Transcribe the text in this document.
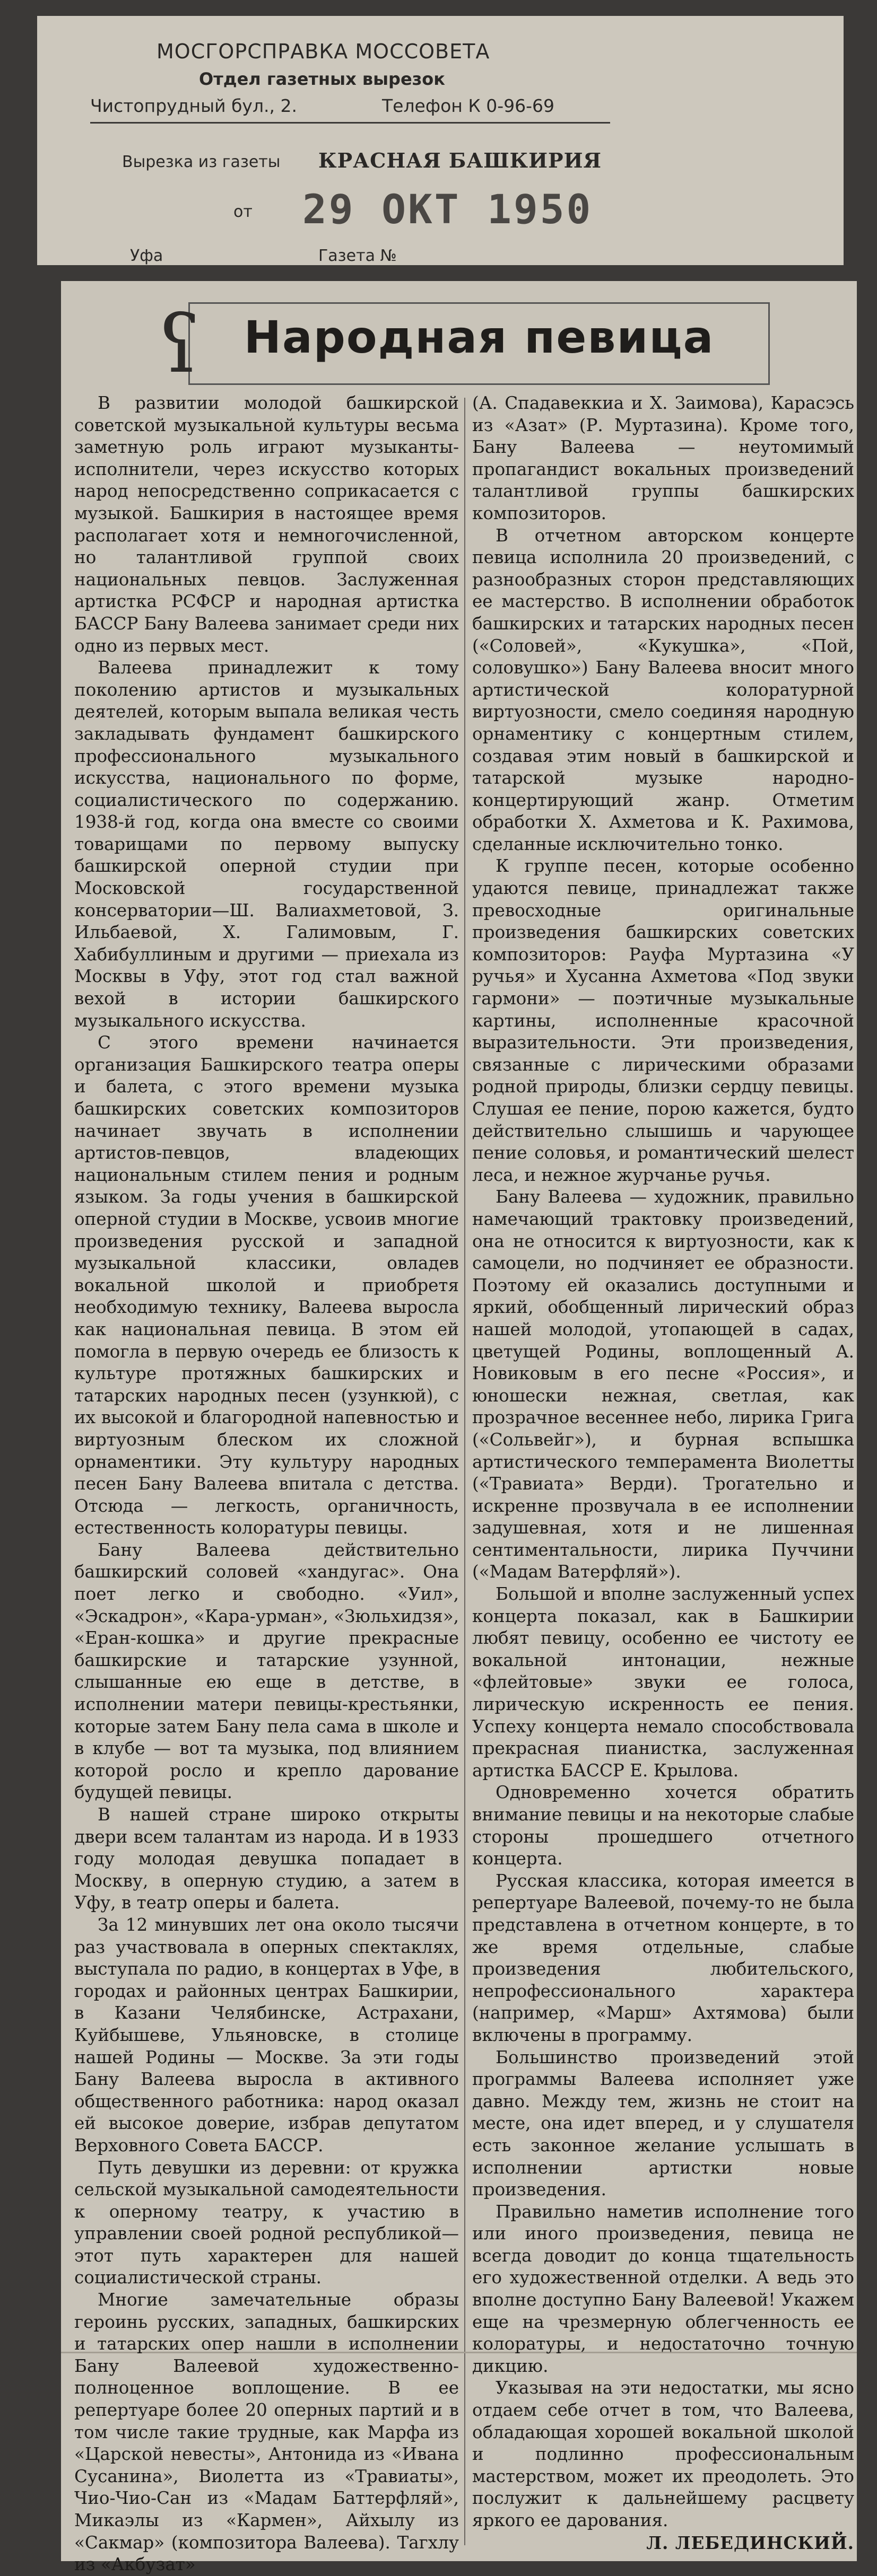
МОСГОРСПРАВКА МОССОВЕТА
Отдел газетных вырезок
Чистопрудный бул., 2.	Телефон К 0-96-69
Вырезка из газеты КРАСНАЯ БАШКИРИЯ
от 29 ОКТ 1950
Уфа	Газета №
ʕ Народная певица

В развитии молодой башкирской советской музыкальной культуры весьма заметную роль играют музыканты-исполнители, через искусство которых народ непосредственно соприкасается с музыкой. Башкирия в настоящее время располагает хотя и немногочисленной, но талантливой группой своих национальных певцов. Заслуженная артистка РСФСР и народная артистка БАССР Бану Валеева занимает среди них одно из первых мест.

Валеева принадлежит к тому поколению артистов и музыкальных деятелей, которым выпала великая честь закладывать фундамент башкирского профессионального музыкального искусства, национального по форме, социалистического по содержанию. 1938-й год, когда она вместе со своими товарищами по первому выпуску башкирской оперной студии при Московской государственной консерватории—Ш. Валиахметовой, З. Ильбаевой, Х. Галимовым, Г. Хабибуллиным и другими — приехала из Москвы в Уфу, этот год стал важной вехой в истории башкирского музыкального искусства.

С этого времени начинается организация Башкирского театра оперы и балета, с этого времени музыка башкирских советских композиторов начинает звучать в исполнении артистов-певцов, владеющих национальным стилем пения и родным языком. За годы учения в башкирской оперной студии в Москве, усвоив многие произведения русской и западной музыкальной классики, овладев вокальной школой и приобретя необходимую технику, Валеева выросла как национальная певица. В этом ей помогла в первую очередь ее близость к культуре протяжных башкирских и татарских народных песен (узункюй), с их высокой и благородной напевностью и виртуозным блеском их сложной орнаментики. Эту культуру народных песен Бану Валеева впитала с детства. Отсюда — легкость, органичность, естественность колоратуры певицы.

Бану Валеева действительно башкирский соловей «хандугас». Она поет легко и свободно. «Уил», «Эскадрон», «Кара-урман», «Зюльхидзя», «Еран-кошка» и другие прекрасные башкирские и татарские узунной, слышанные ею еще в детстве, в исполнении матери певицы-крестьянки, которые затем Бану пела сама в школе и в клубе — вот та музыка, под влиянием которой росло и крепло дарование будущей певицы.

В нашей стране широко открыты двери всем талантам из народа. И в 1933 году молодая девушка попадает в Москву, в оперную студию, а затем в Уфу, в театр оперы и балета.

За 12 минувших лет она около тысячи раз участвовала в оперных спектаклях, выступала по радио, в концертах в Уфе, в городах и районных центрах Башкирии, в Казани Челябинске, Астрахани, Куйбышеве, Ульяновске, в столице нашей Родины — Москве. За эти годы Бану Валеева выросла в активного общественного работника: народ оказал ей высокое доверие, избрав депутатом Верховного Совета БАССР.

Путь девушки из деревни: от кружка сельской музыкальной самодеятельности к оперному театру, к участию в управлении своей родной республикой—этот путь характерен для нашей социалистической страны.

Многие замечательные образы героинь русских, западных, башкирских и татарских опер нашли в исполнении Бану Валеевой художественно-полноценное воплощение. В ее репертуаре более 20 оперных партий и в том числе такие трудные, как Марфа из «Царской невесты», Антонида из «Ивана Сусанина», Виолетта из «Травиаты», Чио-Чио-Сан из «Мадам Баттерфляй», Микаэлы из «Кармен», Айхылу из «Сакмар» (композитора Валеева). Тагхлу из «Акбузат»

(А. Спадавеккиа и Х. Заимова), Карасэсь из «Азат» (Р. Муртазина). Кроме того, Бану Валеева — неутомимый пропагандист вокальных произведений талантливой группы башкирских композиторов.

В отчетном авторском концерте певица исполнила 20 произведений, с разнообразных сторон представляющих ее мастерство. В исполнении обработок башкирских и татарских народных песен («Соловей», «Кукушка», «Пой, соловушко») Бану Валеева вносит много артистической колоратурной виртуозности, смело соединяя народную орнаментику с концертным стилем, создавая этим новый в башкирской и татарской музыке народно-концертирующий жанр. Отметим обработки Х. Ахметова и К. Рахимова, сделанные исключительно тонко.

К группе песен, которые особенно удаются певице, принадлежат также превосходные оригинальные произведения башкирских советских композиторов: Рауфа Муртазина «У ручья» и Хусанна Ахметова «Под звуки гармони» — поэтичные музыкальные картины, исполненные красочной выразительности. Эти произведения, связанные с лирическими образами родной природы, близки сердцу певицы. Слушая ее пение, порою кажется, будто действительно слышишь и чарующее пение соловья, и романтический шелест леса, и нежное журчанье ручья.

Бану Валеева — художник, правильно намечающий трактовку произведений, она не относится к виртуозности, как к самоцели, но подчиняет ее образности. Поэтому ей оказались доступными и яркий, обобщенный лирический образ нашей молодой, утопающей в садах, цветущей Родины, воплощенный А. Новиковым в его песне «Россия», и юношески нежная, светлая, как прозрачное весеннее небо, лирика Грига («Сольвейг»), и бурная вспышка артистического темперамента Виолетты («Травиата» Верди). Трогательно и искренне прозвучала в ее исполнении задушевная, хотя и не лишенная сентиментальности, лирика Пуччини («Мадам Ватерфляй»).

Большой и вполне заслуженный успех концерта показал, как в Башкирии любят певицу, особенно ее чистоту ее вокальной интонации, нежные «флейтовые» звуки ее голоса, лирическую искренность ее пения. Успеху концерта немало способствовала прекрасная пианистка, заслуженная артистка БАССР Е. Крылова.

Одновременно хочется обратить внимание певицы и на некоторые слабые стороны прошедшего отчетного концерта.

Русская классика, которая имеется в репертуаре Валеевой, почему-то не была представлена в отчетном концерте, в то же время отдельные, слабые произведения любительского, непрофессионального характера (например, «Марш» Ахтямова) были включены в программу.

Большинство произведений этой программы Валеева исполняет уже давно. Между тем, жизнь не стоит на месте, она идет вперед, и у слушателя есть законное желание услышать в исполнении артистки новые произведения.

Правильно наметив исполнение того или иного произведения, певица не всегда доводит до конца тщательность его художественной отделки. А ведь это вполне доступно Бану Валеевой! Укажем еще на чрезмерную облегченность ее колоратуры, и недостаточно точную дикцию.

Указывая на эти недостатки, мы ясно отдаем себе отчет в том, что Валеева, обладающая хорошей вокальной школой и подлинно профессиональным мастерством, может их преодолеть. Это послужит к дальнейшему расцвету яркого ее дарования.

Л. ЛЕБЕДИНСКИЙ.
